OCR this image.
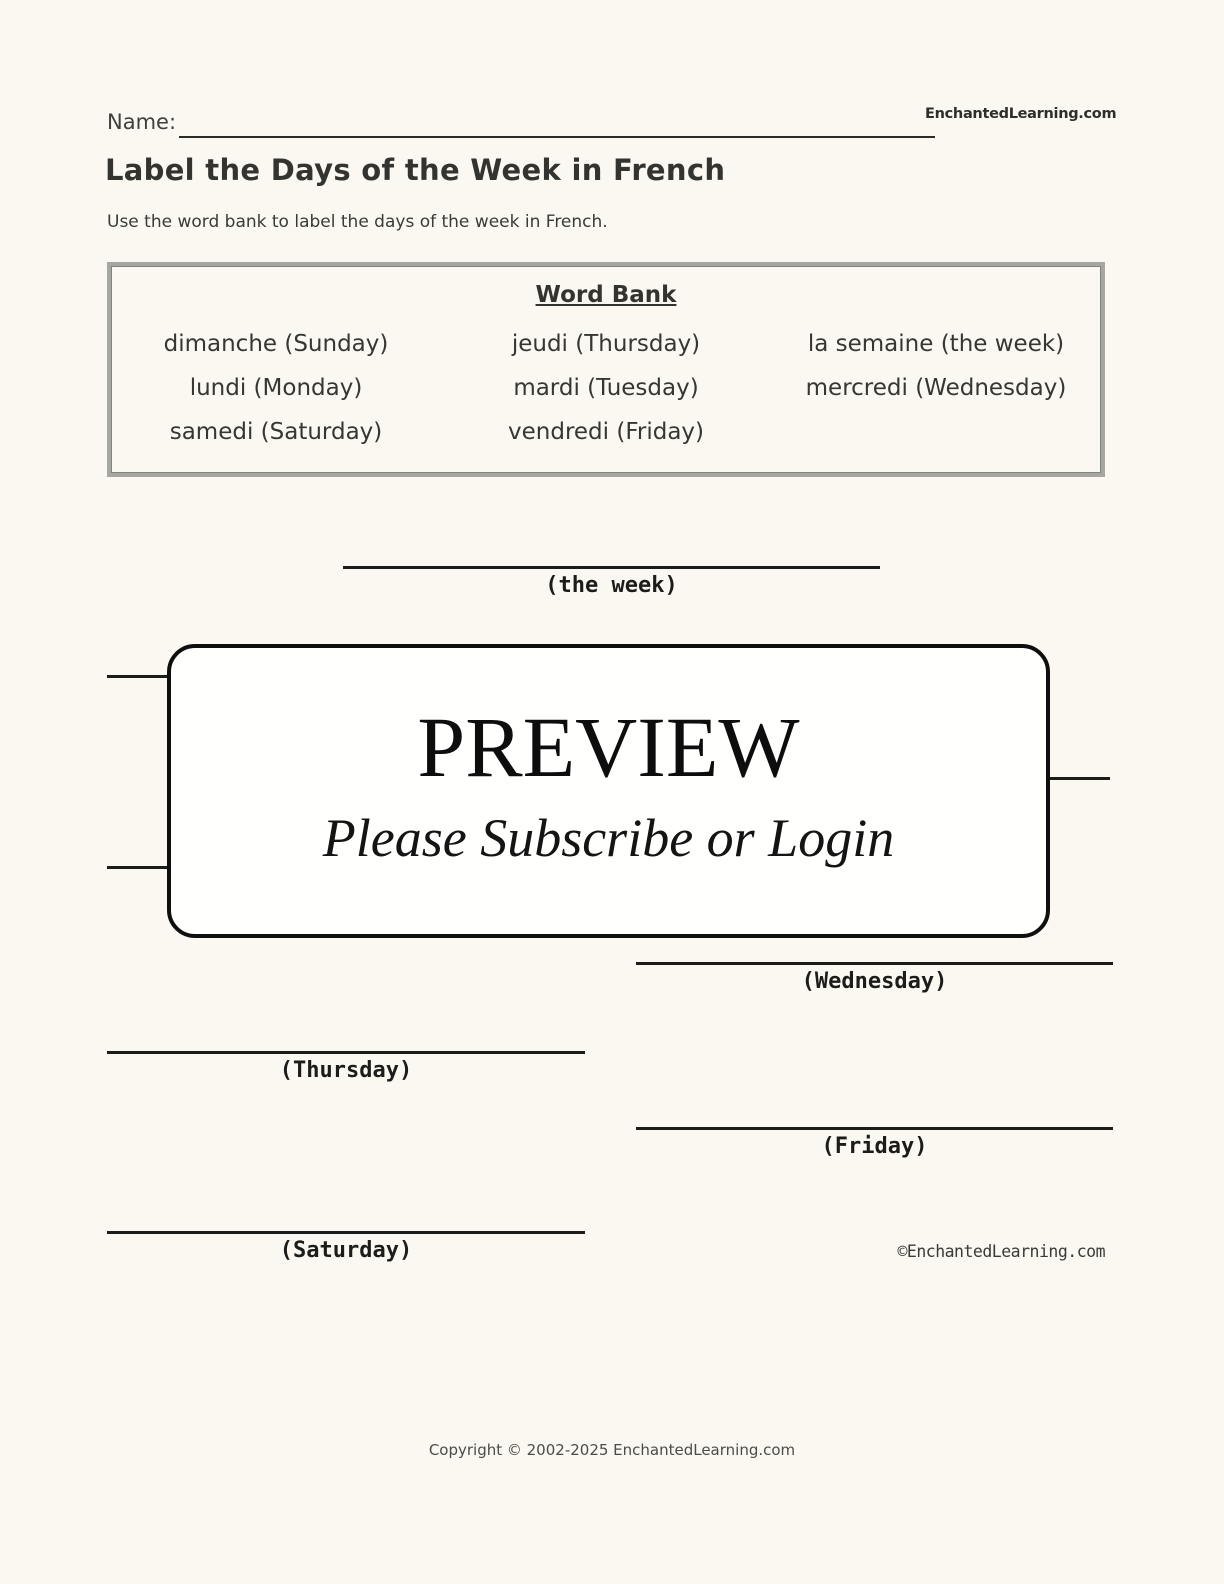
Name:	EnchantedLearning.com
Label the Days of the Week in French
Use the word bank to label the days of the week in French.
Word Bank
dimanche (Sunday)	jeudi (Thursday)	la semaine (the week)
lundi (Monday)	mardi (Tuesday)	mercredi (Wednesday)
samedi (Saturday)	vendredi (Friday)
(the week)
(Wednesday)
(Thursday)
(Friday)
(Saturday)
PREVIEW
Please Subscribe or Login
©EnchantedLearning.com
Copyright © 2002-2025 EnchantedLearning.com
